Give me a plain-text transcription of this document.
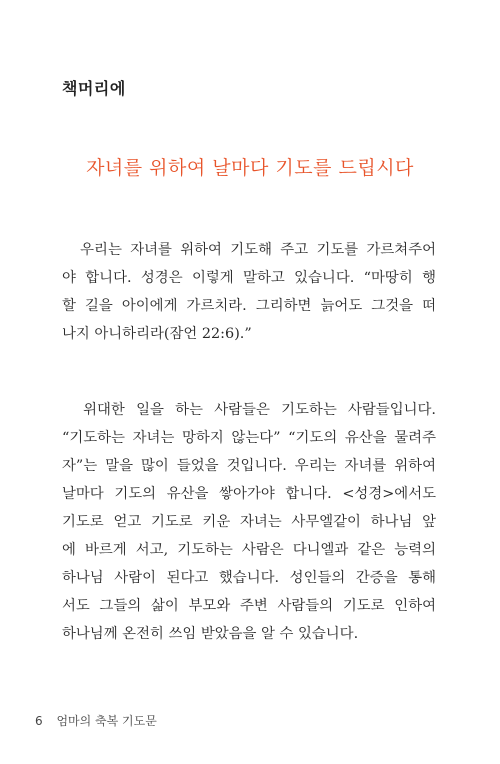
책머리에
자녀를 위하여 날마다 기도를 드립시다
　우리는 자녀를 위하여 기도해 주고 기도를 가르쳐주어
야 합니다. 성경은 이렇게 말하고 있습니다. “마땅히 행
할 길을 아이에게 가르치라. 그리하면 늙어도 그것을 떠
나지 아니하리라(잠언 22:6).”
　위대한 일을 하는 사람들은 기도하는 사람들입니다.
“기도하는 자녀는 망하지 않는다” “기도의 유산을 물려주
자”는 말을 많이 들었을 것입니다. 우리는 자녀를 위하여
날마다 기도의 유산을 쌓아가야 합니다. <성경>에서도
기도로 얻고 기도로 키운 자녀는 사무엘같이 하나님 앞
에 바르게 서고, 기도하는 사람은 다니엘과 같은 능력의
하나님 사람이 된다고 했습니다. 성인들의 간증을 통해
서도 그들의 삶이 부모와 주변 사람들의 기도로 인하여
하나님께 온전히 쓰임 받았음을 알 수 있습니다.
6 엄마의 축복 기도문
